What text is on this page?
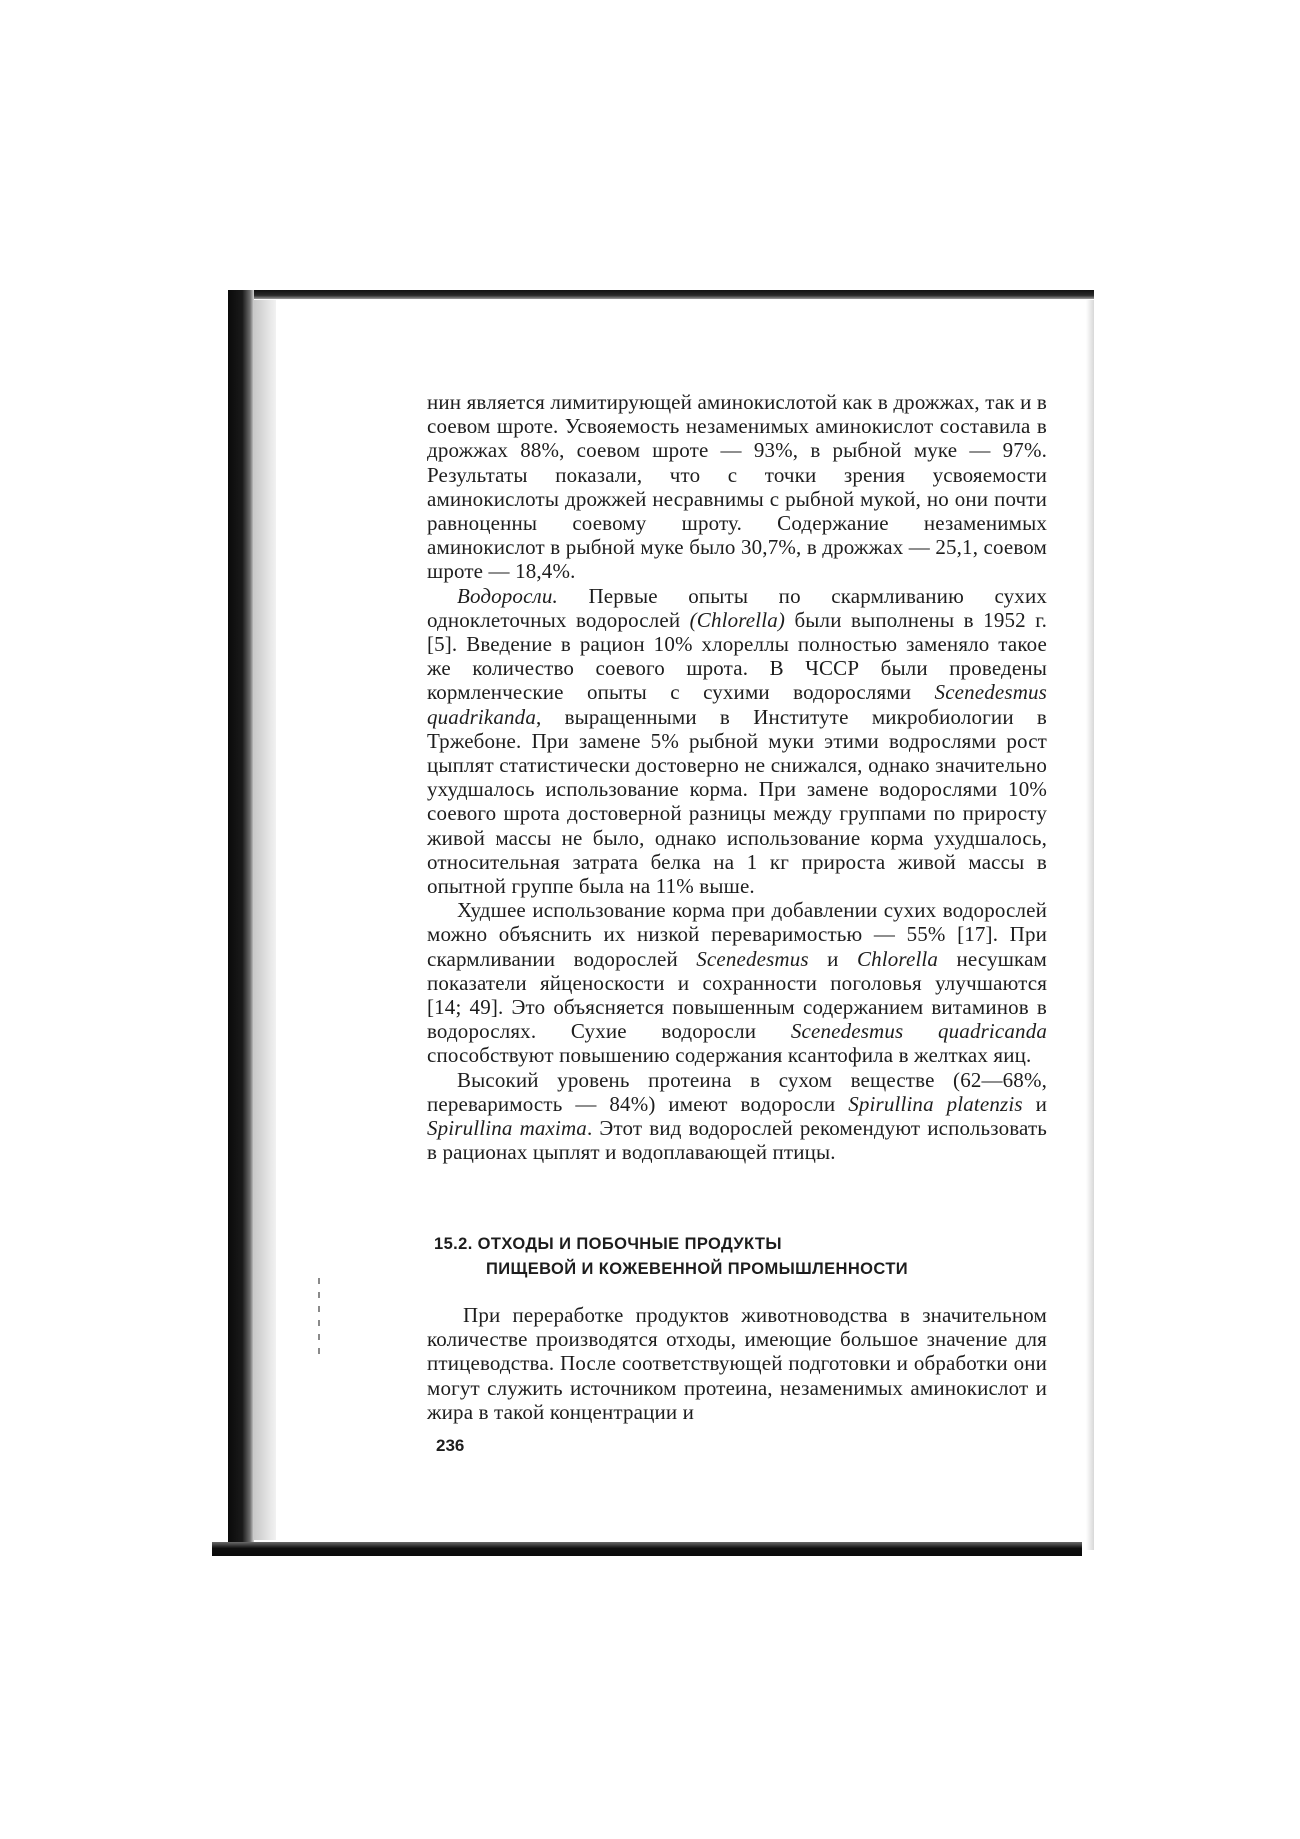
нин является лимитирующей аминокислотой как в дрожжах, так и в соевом шроте. Усвояемость незаменимых аминокислот составила в дрожжах 88%, соевом шроте — 93%, в рыбной муке — 97%. Результаты показали, что с точки зрения усвояемости аминокислоты дрожжей несравнимы с рыбной мукой, но они почти равноценны соевому шроту. Содержание незаменимых аминокислот в рыбной муке было 30,7%, в дрожжах — 25,1, соевом шроте — 18,4%.

Водоросли. Первые опыты по скармливанию сухих одноклеточных водорослей (Chlorella) были выполнены в 1952 г. [5]. Введение в рацион 10% хлореллы полностью заменяло такое же количество соевого шрота. В ЧССР были проведены кормленческие опыты с сухими водорослями Scenedesmus quadrikanda, выращенными в Институте микробиологии в Тржебоне. При замене 5% рыбной муки этими водрослями рост цыплят статистически достоверно не снижался, однако значительно ухудшалось использование корма. При замене водорослями 10% соевого шрота достоверной разницы между группами по приросту живой массы не было, однако использование корма ухудшалось, относительная затрата белка на 1 кг прироста живой массы в опытной группе была на 11% выше.

Худшее использование корма при добавлении сухих водорослей можно объяснить их низкой переваримостью — 55% [17]. При скармливании водорослей Scenedesmus и Chlorella несушкам показатели яйценоскости и сохранности поголовья улучшаются [14; 49]. Это объясняется повышенным содержанием витаминов в водорослях. Сухие водоросли Scenedesmus quadricanda способствуют повышению содержания ксантофила в желтках яиц.

Высокий уровень протеина в сухом веществе (62—68%, переваримость — 84%) имеют водоросли Spirullina platenzis и Spirullina maxima. Этот вид водорослей рекомендуют использовать в рационах цыплят и водоплавающей птицы.

15.2. ОТХОДЫ И ПОБОЧНЫЕ ПРОДУКТЫ
ПИЩЕВОЙ И КОЖЕВЕННОЙ ПРОМЫШЛЕННОСТИ

При переработке продуктов животноводства в значительном количестве производятся отходы, имеющие большое значение для птицеводства. После соответствующей подготовки и обработки они могут служить источником протеина, незаменимых аминокислот и жира в такой концентрации и

236
